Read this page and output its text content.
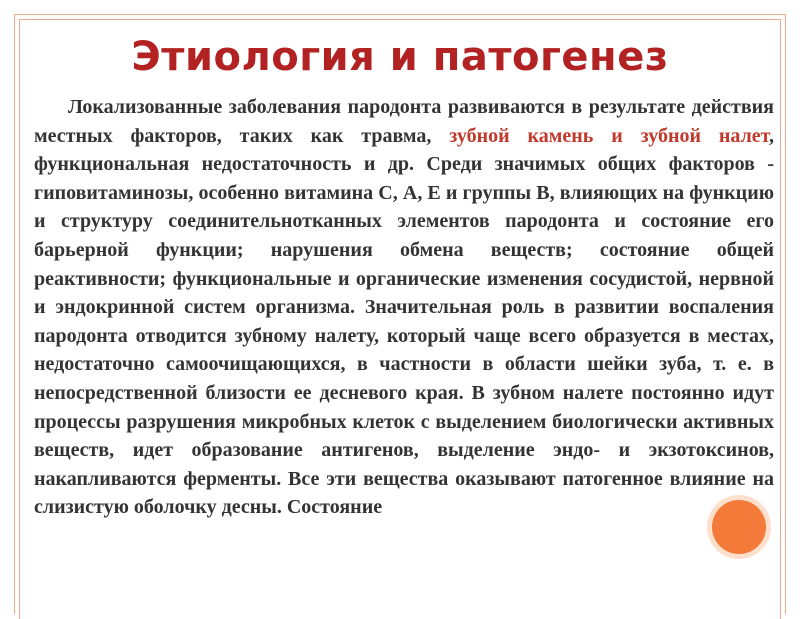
Этиология и патогенез

Локализованные заболевания пародонта развиваются в результате действия местных факторов, таких как травма, зубной камень и зубной налет, функциональная недостаточность и др. Среди значимых общих факторов - гиповитаминозы, особенно витамина С, А, Е и группы В, влияющих на функцию и структуру соединительнотканных элементов пародонта и состояние его барьерной функции; нарушения обмена веществ; состояние общей реактивности; функциональные и органические изменения сосудистой, нервной и эндокринной систем организма. Значительная роль в развитии воспаления пародонта отводится зубному налету, который чаще всего образуется в местах, недостаточно самоочищающихся, в частности в области шейки зуба, т. е. в непосредственной близости ее десневого края. В зубном налете постоянно идут процессы разрушения микробных клеток с выделением биологически активных веществ, идет образование антигенов, выделение эндо- и экзотоксинов, накапливаются ферменты. Все эти вещества оказывают патогенное влияние на слизистую оболочку десны. Состояние
